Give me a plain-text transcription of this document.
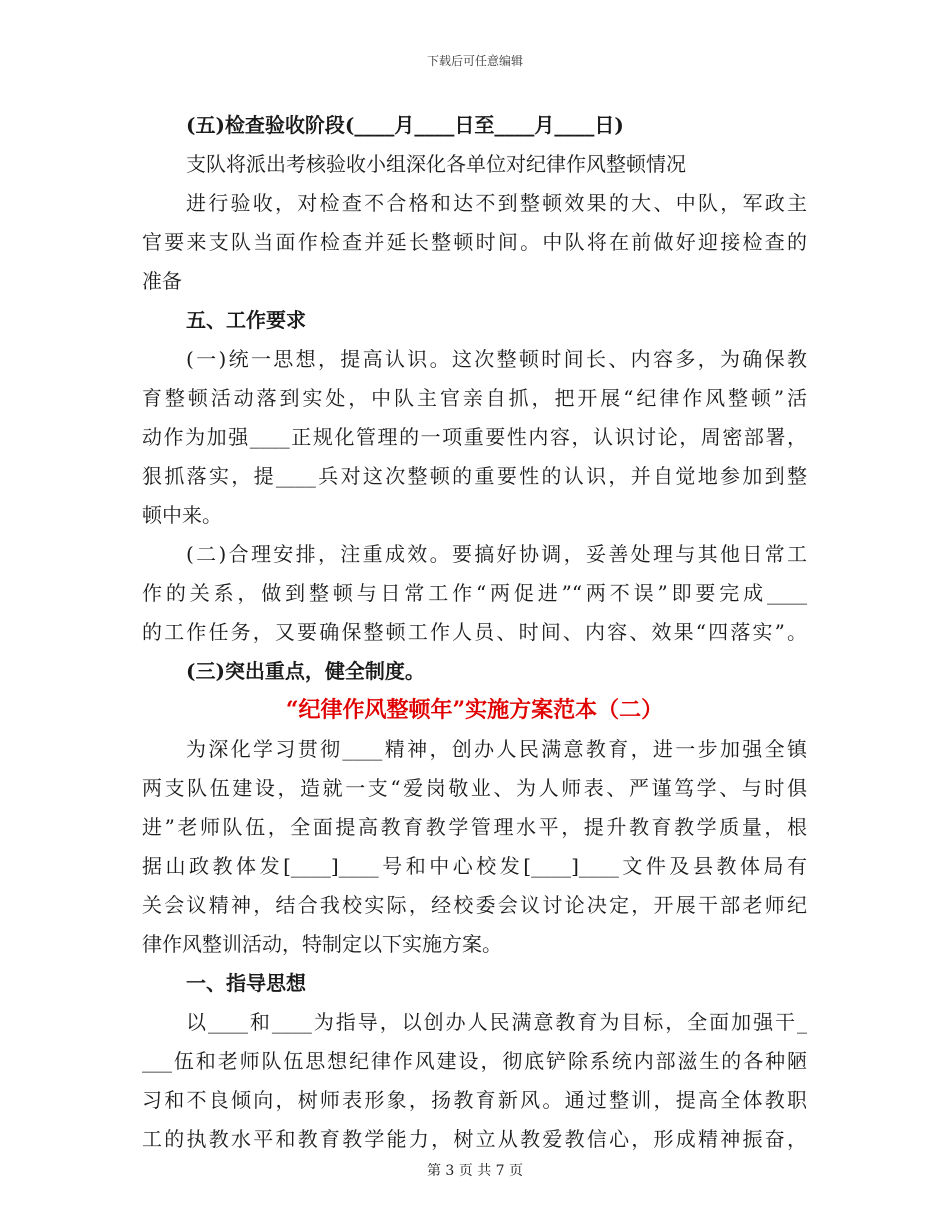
下载后可任意编辑
(五)检查验收阶段(____月____日至____月____日)
支队将派出考核验收小组深化各单位对纪律作风整顿情况
进行验收，对检查不合格和达不到整顿效果的大、中队，军政主
官要来支队当面作检查并延长整顿时间。中队将在前做好迎接检查的
准备
五、工作要求
(一)统一思想，提高认识。这次整顿时间长、内容多，为确保教
育整顿活动落到实处，中队主官亲自抓，把开展“纪律作风整顿”活
动作为加强____正规化管理的一项重要性内容，认识讨论，周密部署，
狠抓落实，提____兵对这次整顿的重要性的认识，并自觉地参加到整
顿中来。
(二)合理安排，注重成效。要搞好协调，妥善处理与其他日常工
作的关系，做到整顿与日常工作“两促进”“两不误”即要完成____
的工作任务，又要确保整顿工作人员、时间、内容、效果“四落实”。
(三)突出重点，健全制度。
“纪律作风整顿年”实施方案范本（二）
为深化学习贯彻____精神，创办人民满意教育，进一步加强全镇
两支队伍建设，造就一支“爱岗敬业、为人师表、严谨笃学、与时俱
进”老师队伍，全面提高教育教学管理水平，提升教育教学质量，根
据山政教体发[____]____号和中心校发[____]____文件及县教体局有
关会议精神，结合我校实际，经校委会议讨论决定，开展干部老师纪
律作风整训活动，特制定以下实施方案。
一、指导思想
以____和____为指导，以创办人民满意教育为目标，全面加强干_
___伍和老师队伍思想纪律作风建设，彻底铲除系统内部滋生的各种陋
习和不良倾向，树师表形象，扬教育新风。通过整训，提高全体教职
工的执教水平和教育教学能力，树立从教爱教信心，形成精神振奋，
第 3 页 共 7 页
